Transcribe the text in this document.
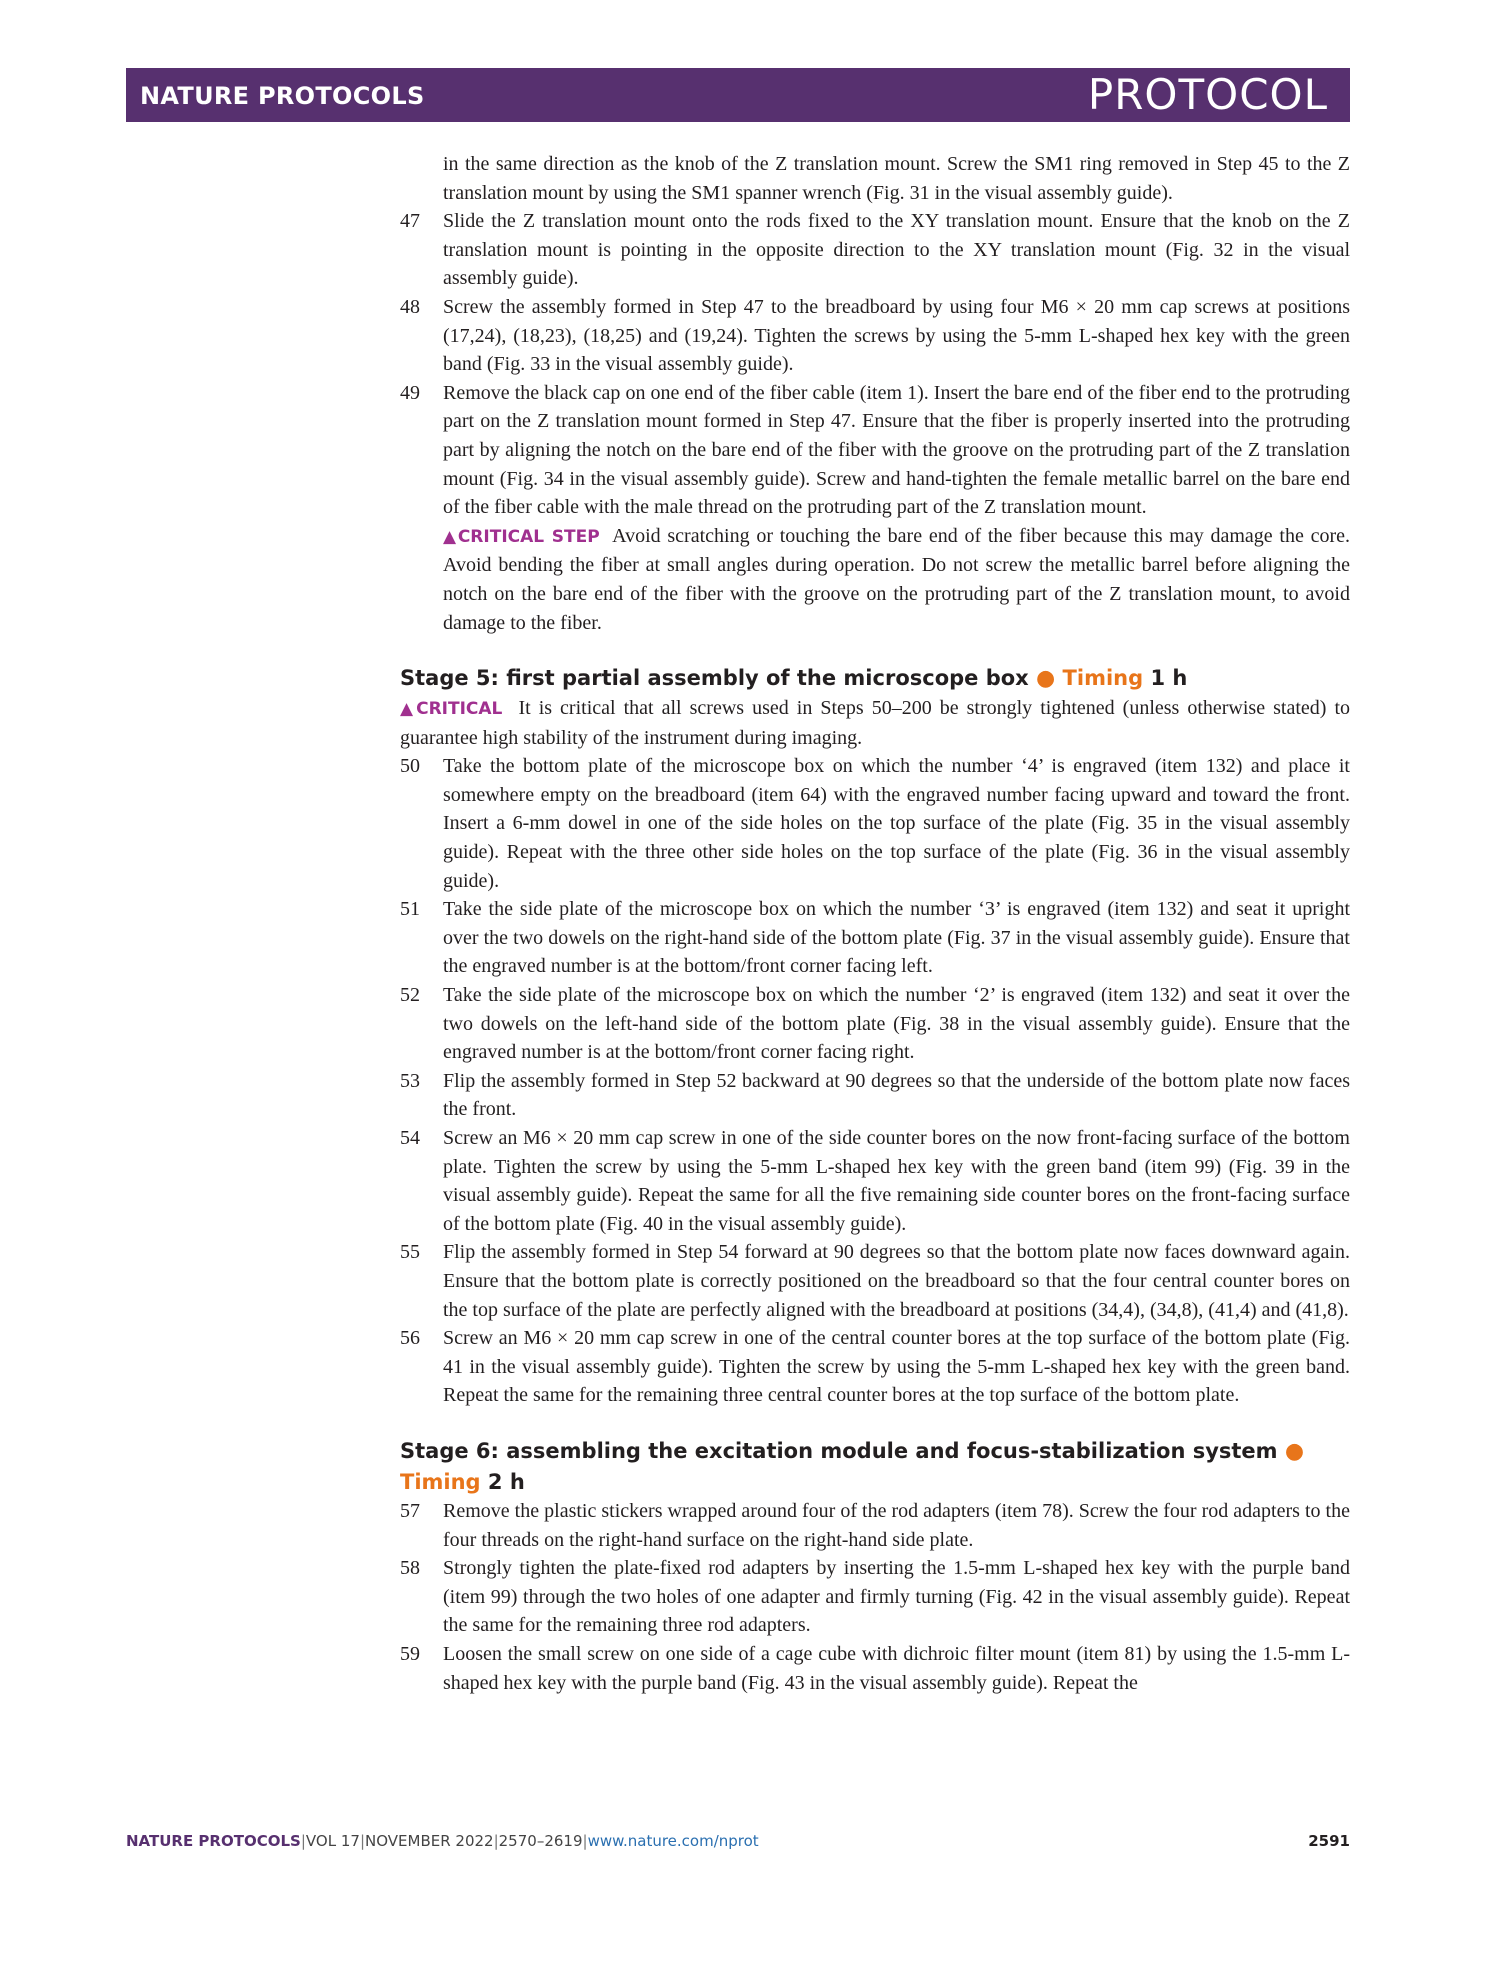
NATURE PROTOCOLS	PROTOCOL
in the same direction as the knob of the Z translation mount. Screw the SM1 ring removed in Step 45 to the Z translation mount by using the SM1 spanner wrench (Fig. 31 in the visual assembly guide).
47 Slide the Z translation mount onto the rods fixed to the XY translation mount. Ensure that the knob on the Z translation mount is pointing in the opposite direction to the XY translation mount (Fig. 32 in the visual assembly guide).
48 Screw the assembly formed in Step 47 to the breadboard by using four M6 × 20 mm cap screws at positions (17,24), (18,23), (18,25) and (19,24). Tighten the screws by using the 5-mm L-shaped hex key with the green band (Fig. 33 in the visual assembly guide).
49 Remove the black cap on one end of the fiber cable (item 1). Insert the bare end of the fiber end to the protruding part on the Z translation mount formed in Step 47. Ensure that the fiber is properly inserted into the protruding part by aligning the notch on the bare end of the fiber with the groove on the protruding part of the Z translation mount (Fig. 34 in the visual assembly guide). Screw and hand-tighten the female metallic barrel on the bare end of the fiber cable with the male thread on the protruding part of the Z translation mount.
▲CRITICAL STEP Avoid scratching or touching the bare end of the fiber because this may damage the core. Avoid bending the fiber at small angles during operation. Do not screw the metallic barrel before aligning the notch on the bare end of the fiber with the groove on the protruding part of the Z translation mount, to avoid damage to the fiber.
Stage 5: first partial assembly of the microscope box ● Timing 1 h
▲CRITICAL It is critical that all screws used in Steps 50–200 be strongly tightened (unless otherwise stated) to guarantee high stability of the instrument during imaging.
50 Take the bottom plate of the microscope box on which the number ‘4’ is engraved (item 132) and place it somewhere empty on the breadboard (item 64) with the engraved number facing upward and toward the front. Insert a 6-mm dowel in one of the side holes on the top surface of the plate (Fig. 35 in the visual assembly guide). Repeat with the three other side holes on the top surface of the plate (Fig. 36 in the visual assembly guide).
51 Take the side plate of the microscope box on which the number ‘3’ is engraved (item 132) and seat it upright over the two dowels on the right-hand side of the bottom plate (Fig. 37 in the visual assembly guide). Ensure that the engraved number is at the bottom/front corner facing left.
52 Take the side plate of the microscope box on which the number ‘2’ is engraved (item 132) and seat it over the two dowels on the left-hand side of the bottom plate (Fig. 38 in the visual assembly guide). Ensure that the engraved number is at the bottom/front corner facing right.
53 Flip the assembly formed in Step 52 backward at 90 degrees so that the underside of the bottom plate now faces the front.
54 Screw an M6 × 20 mm cap screw in one of the side counter bores on the now front-facing surface of the bottom plate. Tighten the screw by using the 5-mm L-shaped hex key with the green band (item 99) (Fig. 39 in the visual assembly guide). Repeat the same for all the five remaining side counter bores on the front-facing surface of the bottom plate (Fig. 40 in the visual assembly guide).
55 Flip the assembly formed in Step 54 forward at 90 degrees so that the bottom plate now faces downward again. Ensure that the bottom plate is correctly positioned on the breadboard so that the four central counter bores on the top surface of the plate are perfectly aligned with the breadboard at positions (34,4), (34,8), (41,4) and (41,8).
56 Screw an M6 × 20 mm cap screw in one of the central counter bores at the top surface of the bottom plate (Fig. 41 in the visual assembly guide). Tighten the screw by using the 5-mm L-shaped hex key with the green band. Repeat the same for the remaining three central counter bores at the top surface of the bottom plate.
Stage 6: assembling the excitation module and focus-stabilization system ● Timing 2 h
57 Remove the plastic stickers wrapped around four of the rod adapters (item 78). Screw the four rod adapters to the four threads on the right-hand surface on the right-hand side plate.
58 Strongly tighten the plate-fixed rod adapters by inserting the 1.5-mm L-shaped hex key with the purple band (item 99) through the two holes of one adapter and firmly turning (Fig. 42 in the visual assembly guide). Repeat the same for the remaining three rod adapters.
59 Loosen the small screw on one side of a cage cube with dichroic filter mount (item 81) by using the 1.5-mm L-shaped hex key with the purple band (Fig. 43 in the visual assembly guide). Repeat the
NATURE PROTOCOLS|VOL 17|NOVEMBER 2022|2570–2619|www.nature.com/nprot	2591
